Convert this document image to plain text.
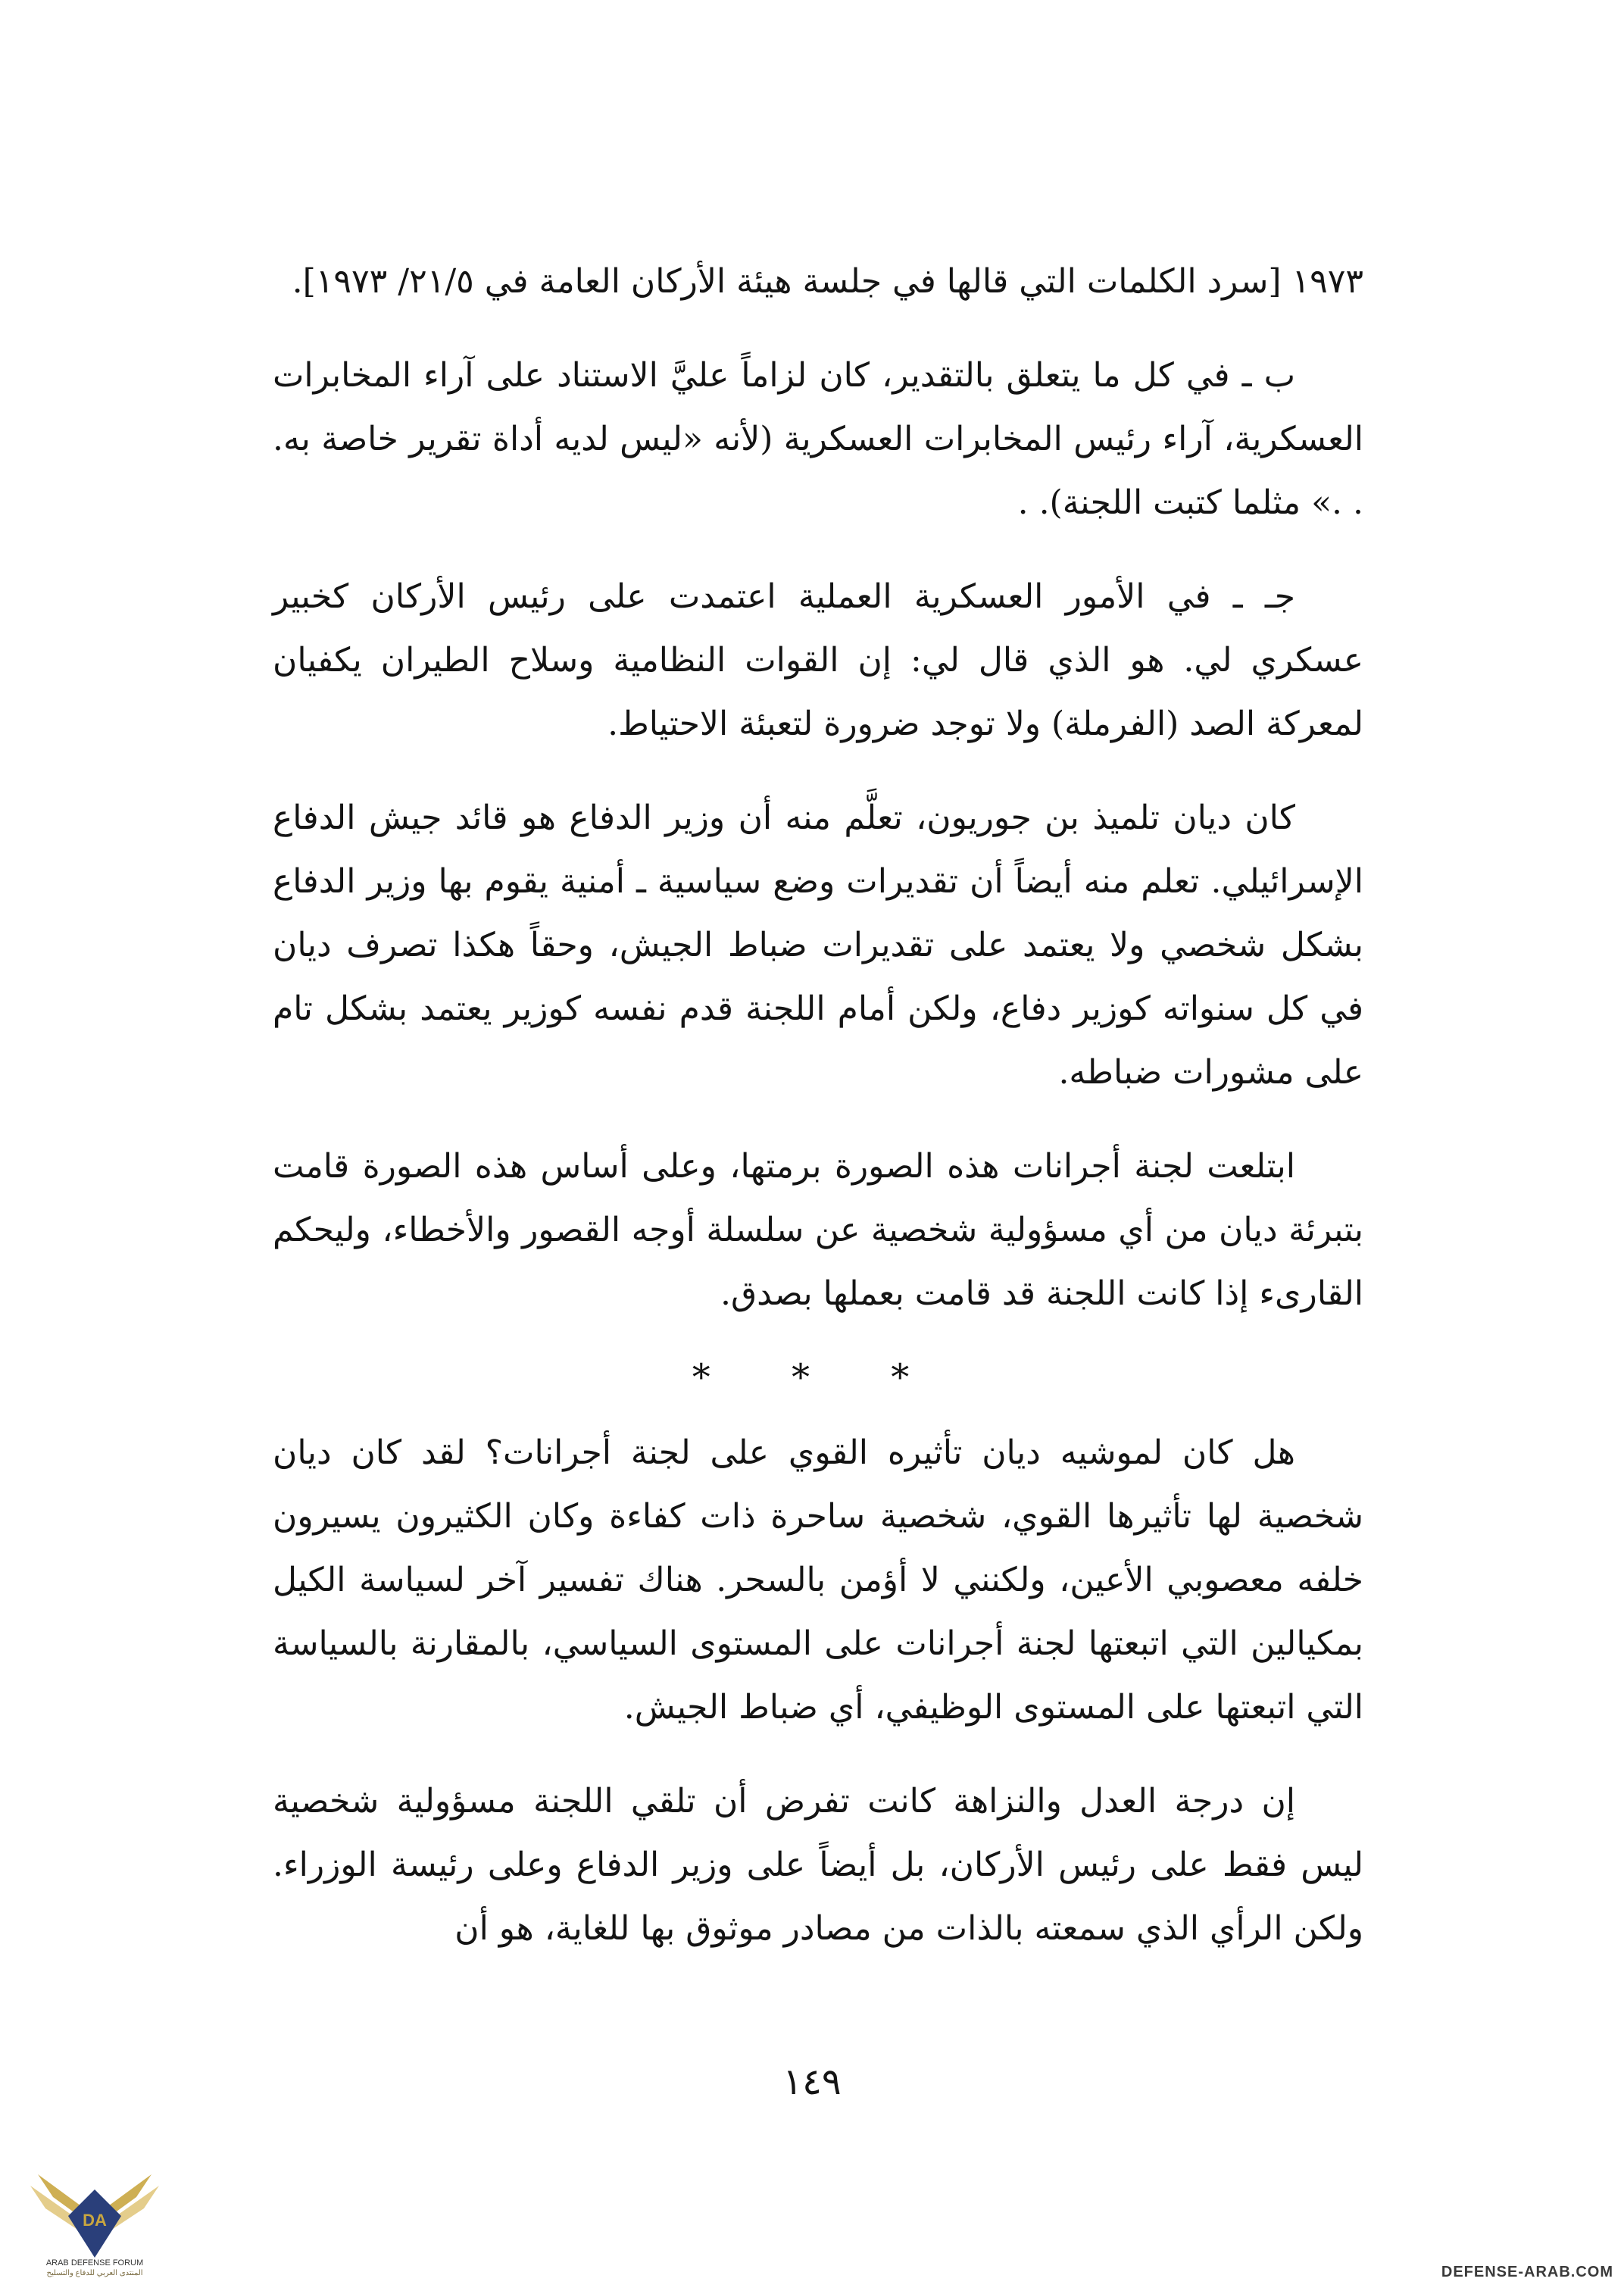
١٩٧٣ [سرد الكلمات التي قالها في جلسة هيئة الأركان العامة في ٢١/٥/ ١٩٧٣].

ب ـ في كل ما يتعلق بالتقدير، كان لزاماً عليَّ الاستناد على آراء المخابرات العسكرية، آراء رئيس المخابرات العسكرية (لأنه «ليس لديه أداة تقرير خاصة به. . .» مثلما كتبت اللجنة). .

جـ ـ في الأمور العسكرية العملية اعتمدت على رئيس الأركان كخبير عسكري لي. هو الذي قال لي: إن القوات النظامية وسلاح الطيران يكفيان لمعركة الصد (الفرملة) ولا توجد ضرورة لتعبئة الاحتياط.

كان ديان تلميذ بن جوريون، تعلَّم منه أن وزير الدفاع هو قائد جيش الدفاع الإسرائيلي. تعلم منه أيضاً أن تقديرات وضع سياسية ـ أمنية يقوم بها وزير الدفاع بشكل شخصي ولا يعتمد على تقديرات ضباط الجيش، وحقاً هكذا تصرف ديان في كل سنواته كوزير دفاع، ولكن أمام اللجنة قدم نفسه كوزير يعتمد بشكل تام على مشورات ضباطه.

ابتلعت لجنة أجرانات هذه الصورة برمتها، وعلى أساس هذه الصورة قامت بتبرئة ديان من أي مسؤولية شخصية عن سلسلة أوجه القصور والأخطاء، وليحكم القارىء إذا كانت اللجنة قد قامت بعملها بصدق.

* * *

هل كان لموشيه ديان تأثيره القوي على لجنة أجرانات؟ لقد كان ديان شخصية لها تأثيرها القوي، شخصية ساحرة ذات كفاءة وكان الكثيرون يسيرون خلفه معصوبي الأعين، ولكنني لا أؤمن بالسحر. هناك تفسير آخر لسياسة الكيل بمكيالين التي اتبعتها لجنة أجرانات على المستوى السياسي، بالمقارنة بالسياسة التي اتبعتها على المستوى الوظيفي، أي ضباط الجيش.

إن درجة العدل والنزاهة كانت تفرض أن تلقي اللجنة مسؤولية شخصية ليس فقط على رئيس الأركان، بل أيضاً على وزير الدفاع وعلى رئيسة الوزراء. ولكن الرأي الذي سمعته بالذات من مصادر موثوق بها للغاية، هو أن

١٤٩
DA
ARAB DEFENSE FORUM
المنتدى العربي للدفاع والتسليح	DEFENSE-ARAB.COM
